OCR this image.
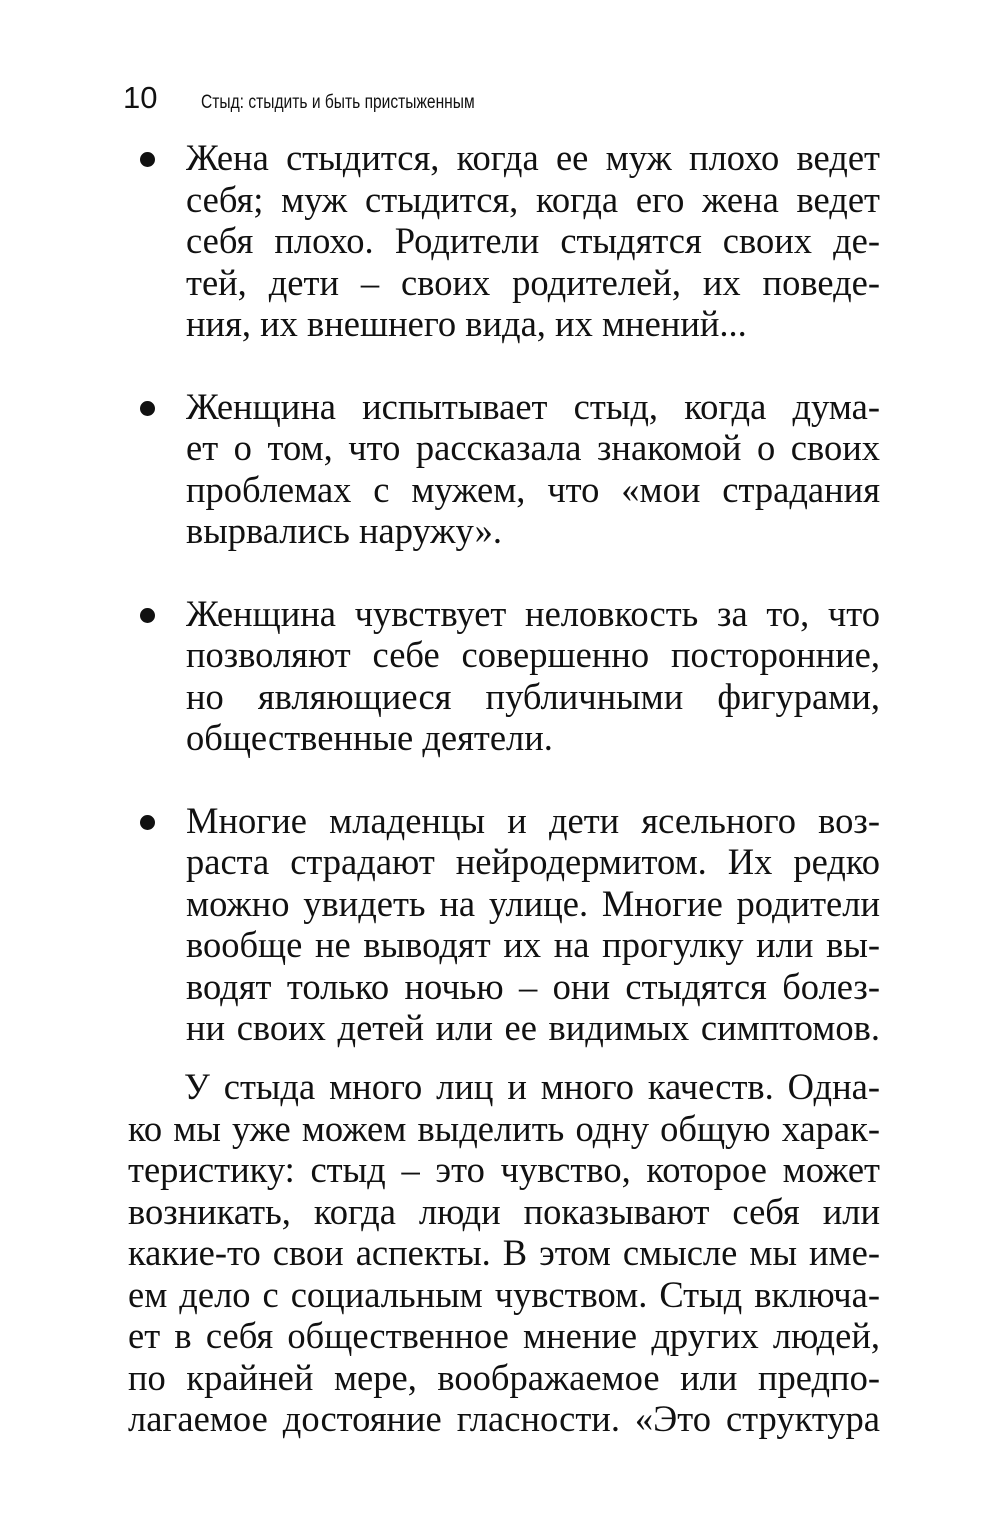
10	Стыд: стыдить и быть пристыженным
Жена стыдится, когда ее муж плохо ведет
себя; муж стыдится, когда его жена ведет
себя плохо. Родители стыдятся своих де-
тей, дети – своих родителей, их поведе-
ния, их внешнего вида, их мнений...
Женщина испытывает стыд, когда дума-
ет о том, что рассказала знакомой о своих
проблемах с мужем, что «мои страдания
вырвались наружу».
Женщина чувствует неловкость за то, что
позволяют себе совершенно посторонние,
но являющиеся публичными фигурами,
общественные деятели.
Многие младенцы и дети ясельного воз-
раста страдают нейродермитом. Их редко
можно увидеть на улице. Многие родители
вообще не выводят их на прогулку или вы-
водят только ночью – они стыдятся болез-
ни своих детей или ее видимых симптомов.
У стыда много лиц и много качеств. Одна-
ко мы уже можем выделить одну общую харак-
теристику: стыд – это чувство, которое может
возникать, когда люди показывают себя или
какие-то свои аспекты. В этом смысле мы име-
ем дело с социальным чувством. Стыд включа-
ет в себя общественное мнение других людей,
по крайней мере, воображаемое или предпо-
лагаемое достояние гласности. «Это структура
